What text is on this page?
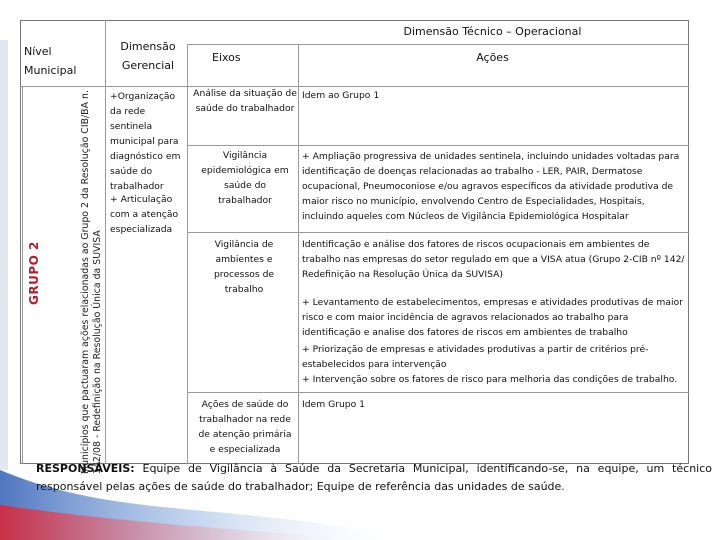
Nível Municipal
Dimensão Gerencial
Dimensão Técnico – Operacional
Eixos	Ações
GRUPO 2	Municípios que pactuaram ações relacionadas ao Grupo 2 da Resolução CIB/BA n. 142/08 - Redefinição na Resolução Única da SUVISA
+Organização da rede sentinela municipal para diagnóstico em saúde do trabalhador
+ Articulação com a atenção especializada
Análise da situação de saúde do trabalhador
Vigilância epidemiológica em saúde do trabalhador
Vigilância de ambientes e processos de trabalho
Ações de saúde do trabalhador na rede de atenção primária e especializada
Idem ao Grupo 1
+ Ampliação progressiva de unidades sentinela, incluindo unidades voltadas para identificação de doenças relacionadas ao trabalho - LER, PAIR, Dermatose ocupacional, Pneumoconiose e/ou agravos específicos da atividade produtiva de maior risco no município, envolvendo Centro de Especialidades, Hospitais, incluindo aqueles com Núcleos de Vigilância Epidemiológica Hospitalar
Identificação e análise dos fatores de riscos ocupacionais em ambientes de trabalho nas empresas do setor regulado em que a VISA atua (Grupo 2-CIB nº 142/ Redefinição na Resolução Única da SUVISA)
+ Levantamento de estabelecimentos, empresas e atividades produtivas de maior risco e com maior incidência de agravos relacionados ao trabalho para identificação e analise dos fatores de riscos em ambientes de trabalho
+ Priorização de empresas e atividades produtivas a partir de critérios pré-estabelecidos para intervenção
+ Intervenção sobre os fatores de risco para melhoria das condições de trabalho.
Idem Grupo 1
RESPONSÁVEIS: Equipe de Vigilância à Saúde da Secretaria Municipal, identificando-se, na equipe, um técnico responsável pelas ações de saúde do trabalhador; Equipe de referência das unidades de saúde.
